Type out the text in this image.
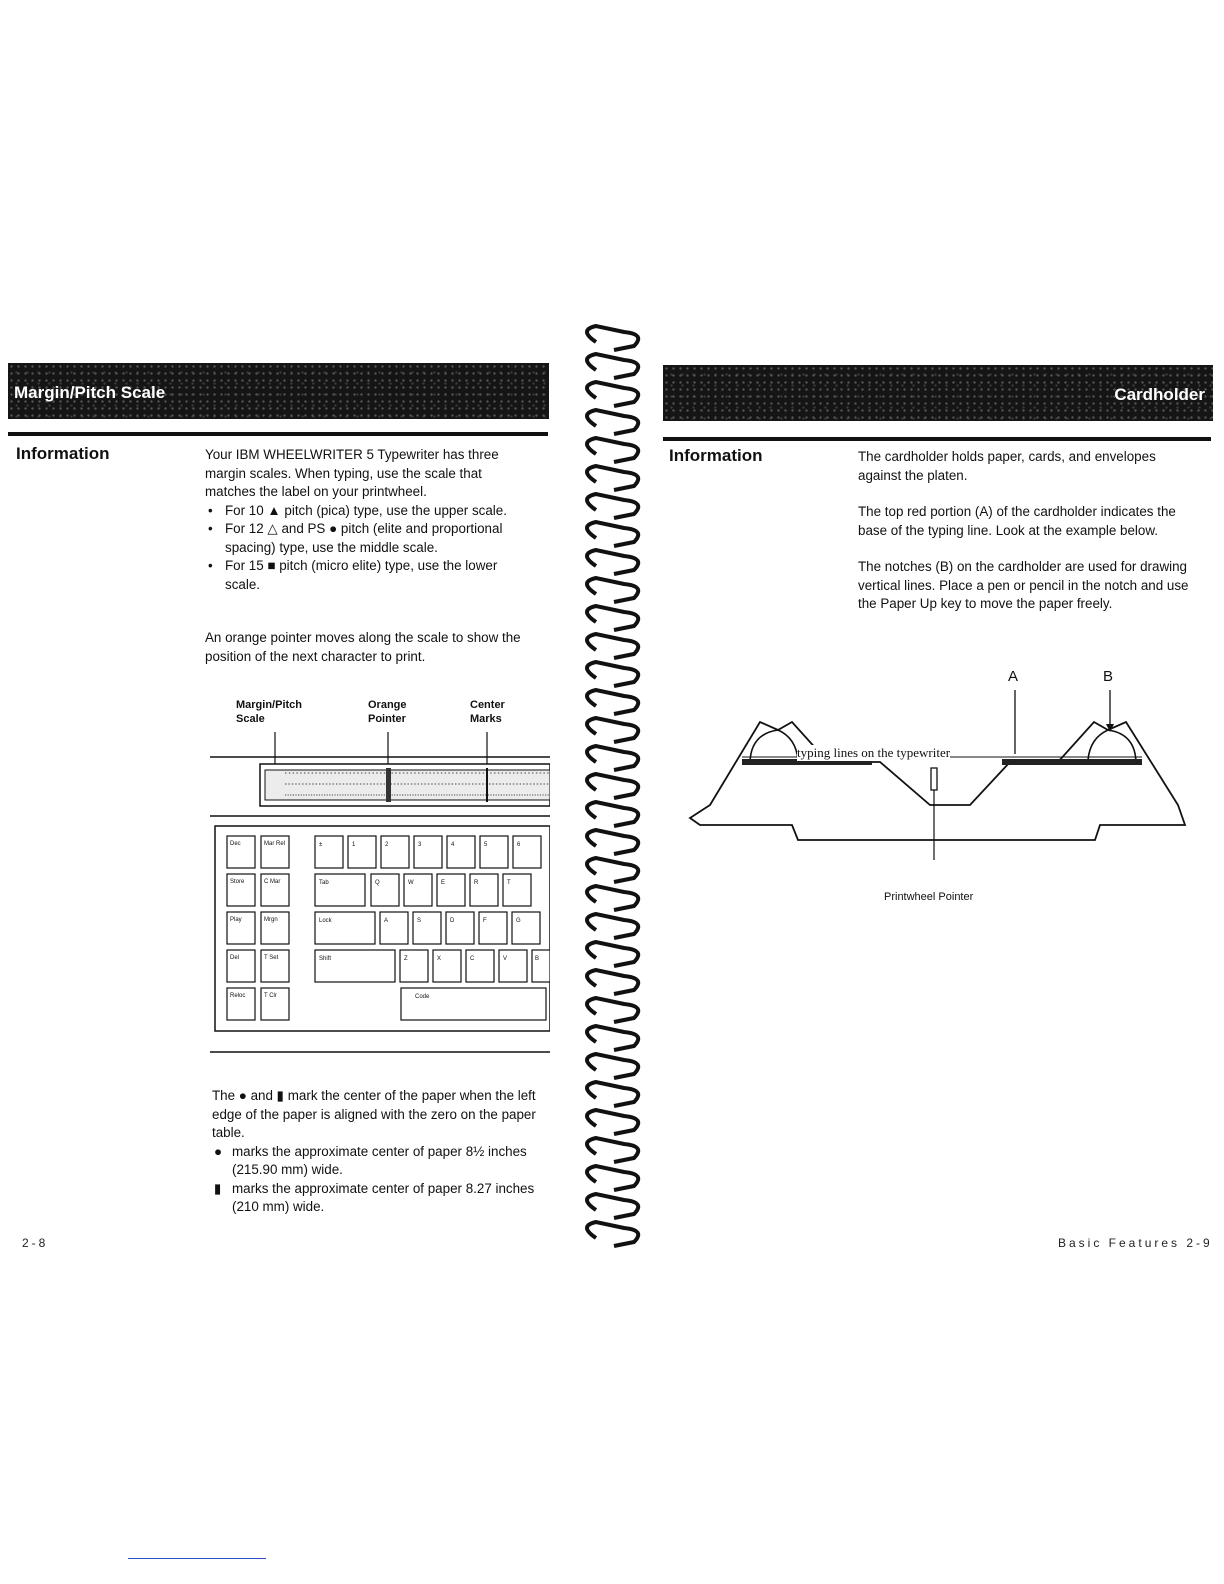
Margin/Pitch Scale
Information	Your IBM WHEELWRITER 5 Typewriter has three margin scales. When typing, use the scale that matches the label on your printwheel.

• For 10 ▲ pitch (pica) type, use the upper scale.
• For 12 △ and PS ● pitch (elite and proportional spacing) type, use the middle scale.
• For 15 ■ pitch (micro elite) type, use the lower scale.
An orange pointer moves along the scale to show the position of the next character to print.
Margin/Pitch Scale
Orange Pointer
Center Marks
Dec	Mar Rel
Store	C Mar
Play	Mrgn
Del	T Set
Reloc	T Clr
±	1	2	3	4	5	6
Tab	Q	W	E	R	T
Lock	A	S	D	F	G
Shift	Z	X	C	V	B
Code

The ● and ▮ mark the center of the paper when the left edge of the paper is aligned with the zero on the paper table.

● marks the approximate center of paper 8½ inches (215.90 mm) wide.
▮ marks the approximate center of paper 8.27 inches (210 mm) wide.
2-8
Cardholder
Information	The cardholder holds paper, cards, and envelopes against the platen.

The top red portion (A) of the cardholder indicates the base of the typing line. Look at the example below.

The notches (B) on the cardholder are used for drawing vertical lines. Place a pen or pencil in the notch and use the Paper Up key to move the paper freely.

A	B
typing lines on the typewriter
Printwheel Pointer
Basic Features 2-9
